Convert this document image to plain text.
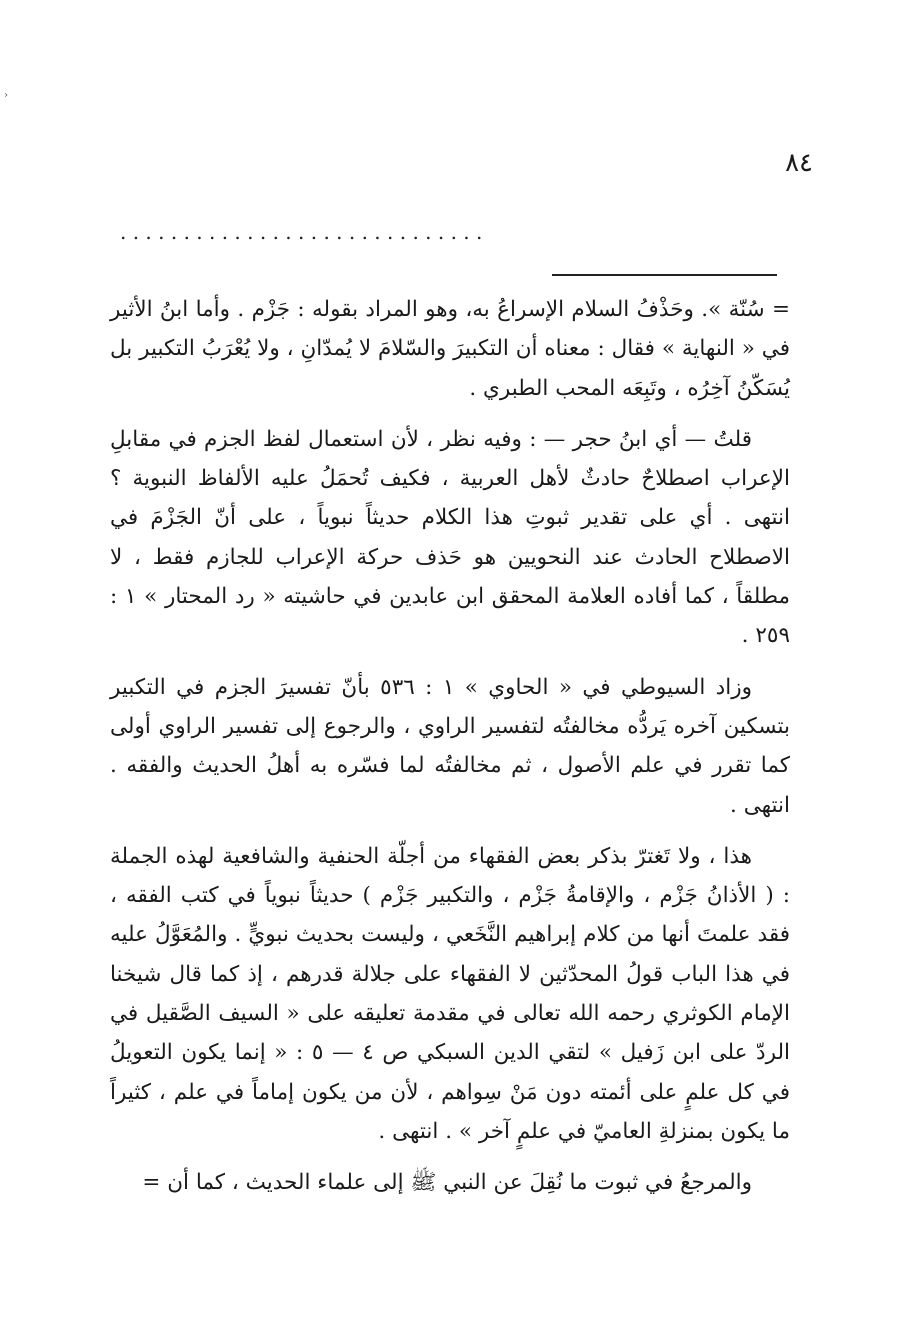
›
٨٤
. . . . . . . . . . . . . . . . . . . . . . . . . . . . .

= سُنّة ». وحَذْفُ السلام الإسراعُ به، وهو المراد بقوله : جَزْم . وأما ابنُ الأثير في « النهاية » فقال : معناه أن التكبيرَ والسّلامَ لا يُمدّانِ ، ولا يُعْرَبُ التكبير بل يُسَكّنُ آخِرُه ، وتَبِعَه المحب الطبري .

قلتُ — أي ابنُ حجر — : وفيه نظر ، لأن استعمال لفظ الجزم في مقابلِ الإعراب اصطلاحٌ حادثٌ لأهل العربية ، فكيف تُحمَلُ عليه الألفاظ النبوية ؟ انتهى . أي على تقدير ثبوتِ هذا الكلام حديثاً نبوياً ، على أنّ الجَزْمَ في الاصطلاح الحادث عند النحويين هو حَذف حركة الإعراب للجازم فقط ، لا مطلقاً ، كما أفاده العلامة المحقق ابن عابدين في حاشيته « رد المحتار » ١ : ٢٥٩ .

وزاد السيوطي في « الحاوي » ١ : ٥٣٦ بأنّ تفسيرَ الجزم في التكبير بتسكين آخره يَردُّه مخالفتُه لتفسير الراوي ، والرجوع إلى تفسير الراوي أولى كما تقرر في علم الأصول ، ثم مخالفتُه لما فسّره به أهلُ الحديث والفقه . انتهى .

هذا ، ولا تَغترّ بذكر بعض الفقهاء من أجلّة الحنفية والشافعية لهذه الجملة : ( الأذانُ جَزْم ، والإقامةُ جَزْم ، والتكبير جَزْم ) حديثاً نبوياً في كتب الفقه ، فقد علمتَ أنها من كلام إبراهيم النَّخَعي ، وليست بحديث نبويٍّ . والمُعَوَّلُ عليه في هذا الباب قولُ المحدّثين لا الفقهاء على جلالة قدرهم ، إذ كما قال شيخنا الإمام الكوثري رحمه الله تعالى في مقدمة تعليقه على « السيف الصَّقيل في الردّ على ابن زَفيل » لتقي الدين السبكي ص ٤ — ٥ : « إنما يكون التعويلُ في كل علمٍ على أئمته دون مَنْ سِواهم ، لأن من يكون إماماً في علم ، كثيراً ما يكون بمنزلةِ العاميّ في علمٍ آخر » . انتهى .

والمرجعُ في ثبوت ما نُقِلَ عن النبي ﷺ إلى علماء الحديث ، كما أن =
